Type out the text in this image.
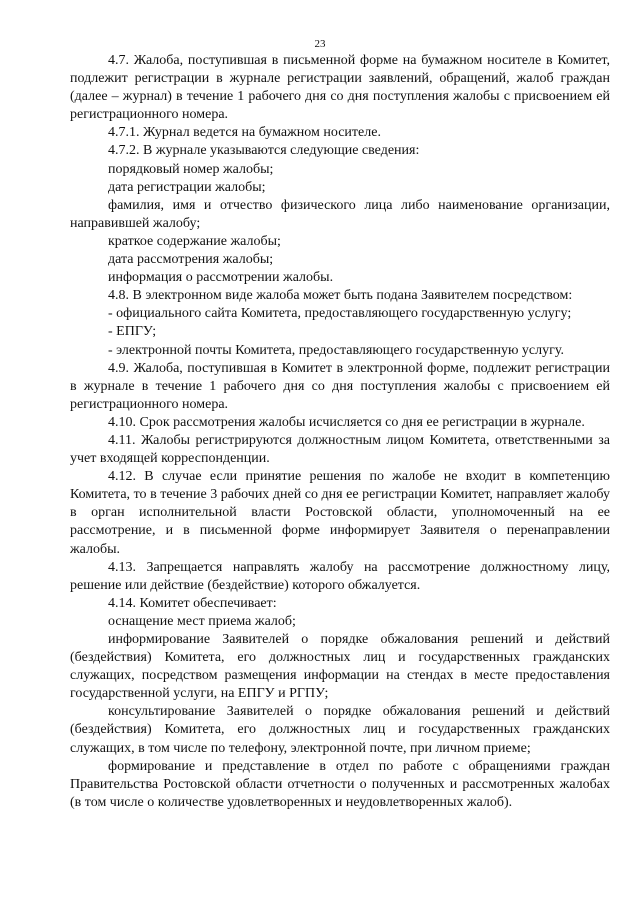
23

4.7. Жалоба, поступившая в письменной форме на бумажном носителе в Комитет, подлежит регистрации в журнале регистрации заявлений, обращений, жалоб граждан (далее – журнал) в течение 1 рабочего дня со дня поступления жалобы с присвоением ей регистрационного номера.

4.7.1. Журнал ведется на бумажном носителе.

4.7.2. В журнале указываются следующие сведения:

порядковый номер жалобы;

дата регистрации жалобы;

фамилия, имя и отчество физического лица либо наименование организации, направившей жалобу;

краткое содержание жалобы;

дата рассмотрения жалобы;

информация о рассмотрении жалобы.

4.8. В электронном виде жалоба может быть подана Заявителем посредством:

- официального сайта Комитета, предоставляющего государственную услугу;

- ЕПГУ;

- электронной почты Комитета, предоставляющего государственную услугу.

4.9. Жалоба, поступившая в Комитет в электронной форме, подлежит регистрации в журнале в течение 1 рабочего дня со дня поступления жалобы с присвоением ей регистрационного номера.

4.10. Срок рассмотрения жалобы исчисляется со дня ее регистрации в журнале.

4.11. Жалобы регистрируются должностным лицом Комитета, ответственными за учет входящей корреспонденции.

4.12. В случае если принятие решения по жалобе не входит в компетенцию Комитета, то в течение 3 рабочих дней со дня ее регистрации Комитет, направляет жалобу в орган исполнительной власти Ростовской области, уполномоченный на ее рассмотрение, и в письменной форме информирует Заявителя о перенаправлении жалобы.

4.13. Запрещается направлять жалобу на рассмотрение должностному лицу, решение или действие (бездействие) которого обжалуется.

4.14. Комитет обеспечивает:

оснащение мест приема жалоб;

информирование Заявителей о порядке обжалования решений и действий (бездействия) Комитета, его должностных лиц и государственных гражданских служащих, посредством размещения информации на стендах в месте предоставления государственной услуги, на ЕПГУ и РГПУ;

консультирование Заявителей о порядке обжалования решений и действий (бездействия) Комитета, его должностных лиц и государственных гражданских служащих, в том числе по телефону, электронной почте, при личном приеме;

формирование и представление в отдел по работе с обращениями граждан Правительства Ростовской области отчетности о полученных и рассмотренных жалобах (в том числе о количестве удовлетворенных и неудовлетворенных жалоб).
